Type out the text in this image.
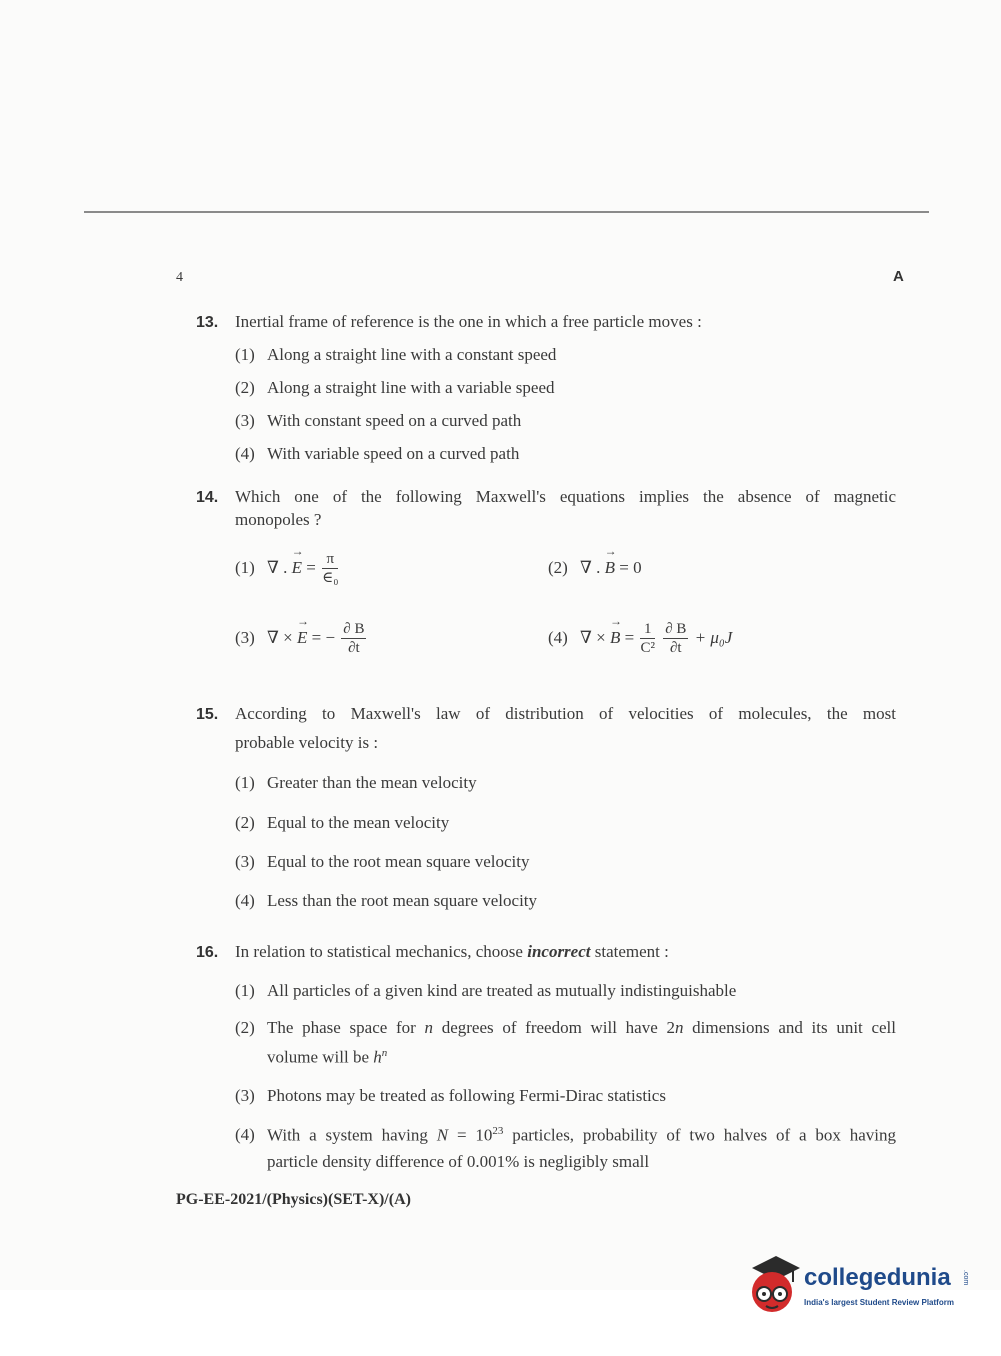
4	A
13. Inertial frame of reference is the one in which a free particle moves :
(1) Along a straight line with a constant speed
(2) Along a straight line with a variable speed
(3) With constant speed on a curved path
(4) With variable speed on a curved path
14. Which one of the following Maxwell's equations implies the absence of magnetic
monopoles ?
(1) ∇ . → $E = \frac{\pi}{\text{∈₀}}$	(2) ∇ . → B = 0
(3) ∇ × → E = − $\frac{\partial B}{\partial t}$	(4) ∇ × → $B = \frac{1}{\text{C²}}$
$\frac{\partial B}{\partial t} + \mu_0J$
15. According to Maxwell's law of distribution of velocities of molecules, the most
probable velocity is :
(1) Greater than the mean velocity
(2) Equal to the mean velocity
(3) Equal to the root mean square velocity
(4) Less than the root mean square velocity
16. In relation to statistical mechanics, choose incorrect statement :
(1) All particles of a given kind are treated as mutually indistinguishable
(2) The phase space for n degrees of freedom will have 2n dimensions and its unit cell
volume will be $h^n$
(3) Photons may be treated as following Fermi-Dirac statistics
(4) With a system having $N = 10^{23}$ particles, probability of two halves of a box having
particle density difference of 0.001% is negligibly small
PG-EE-2021/(Physics)(SET-X)/(A)
collegedunia .com
India's largest Student Review Platform
